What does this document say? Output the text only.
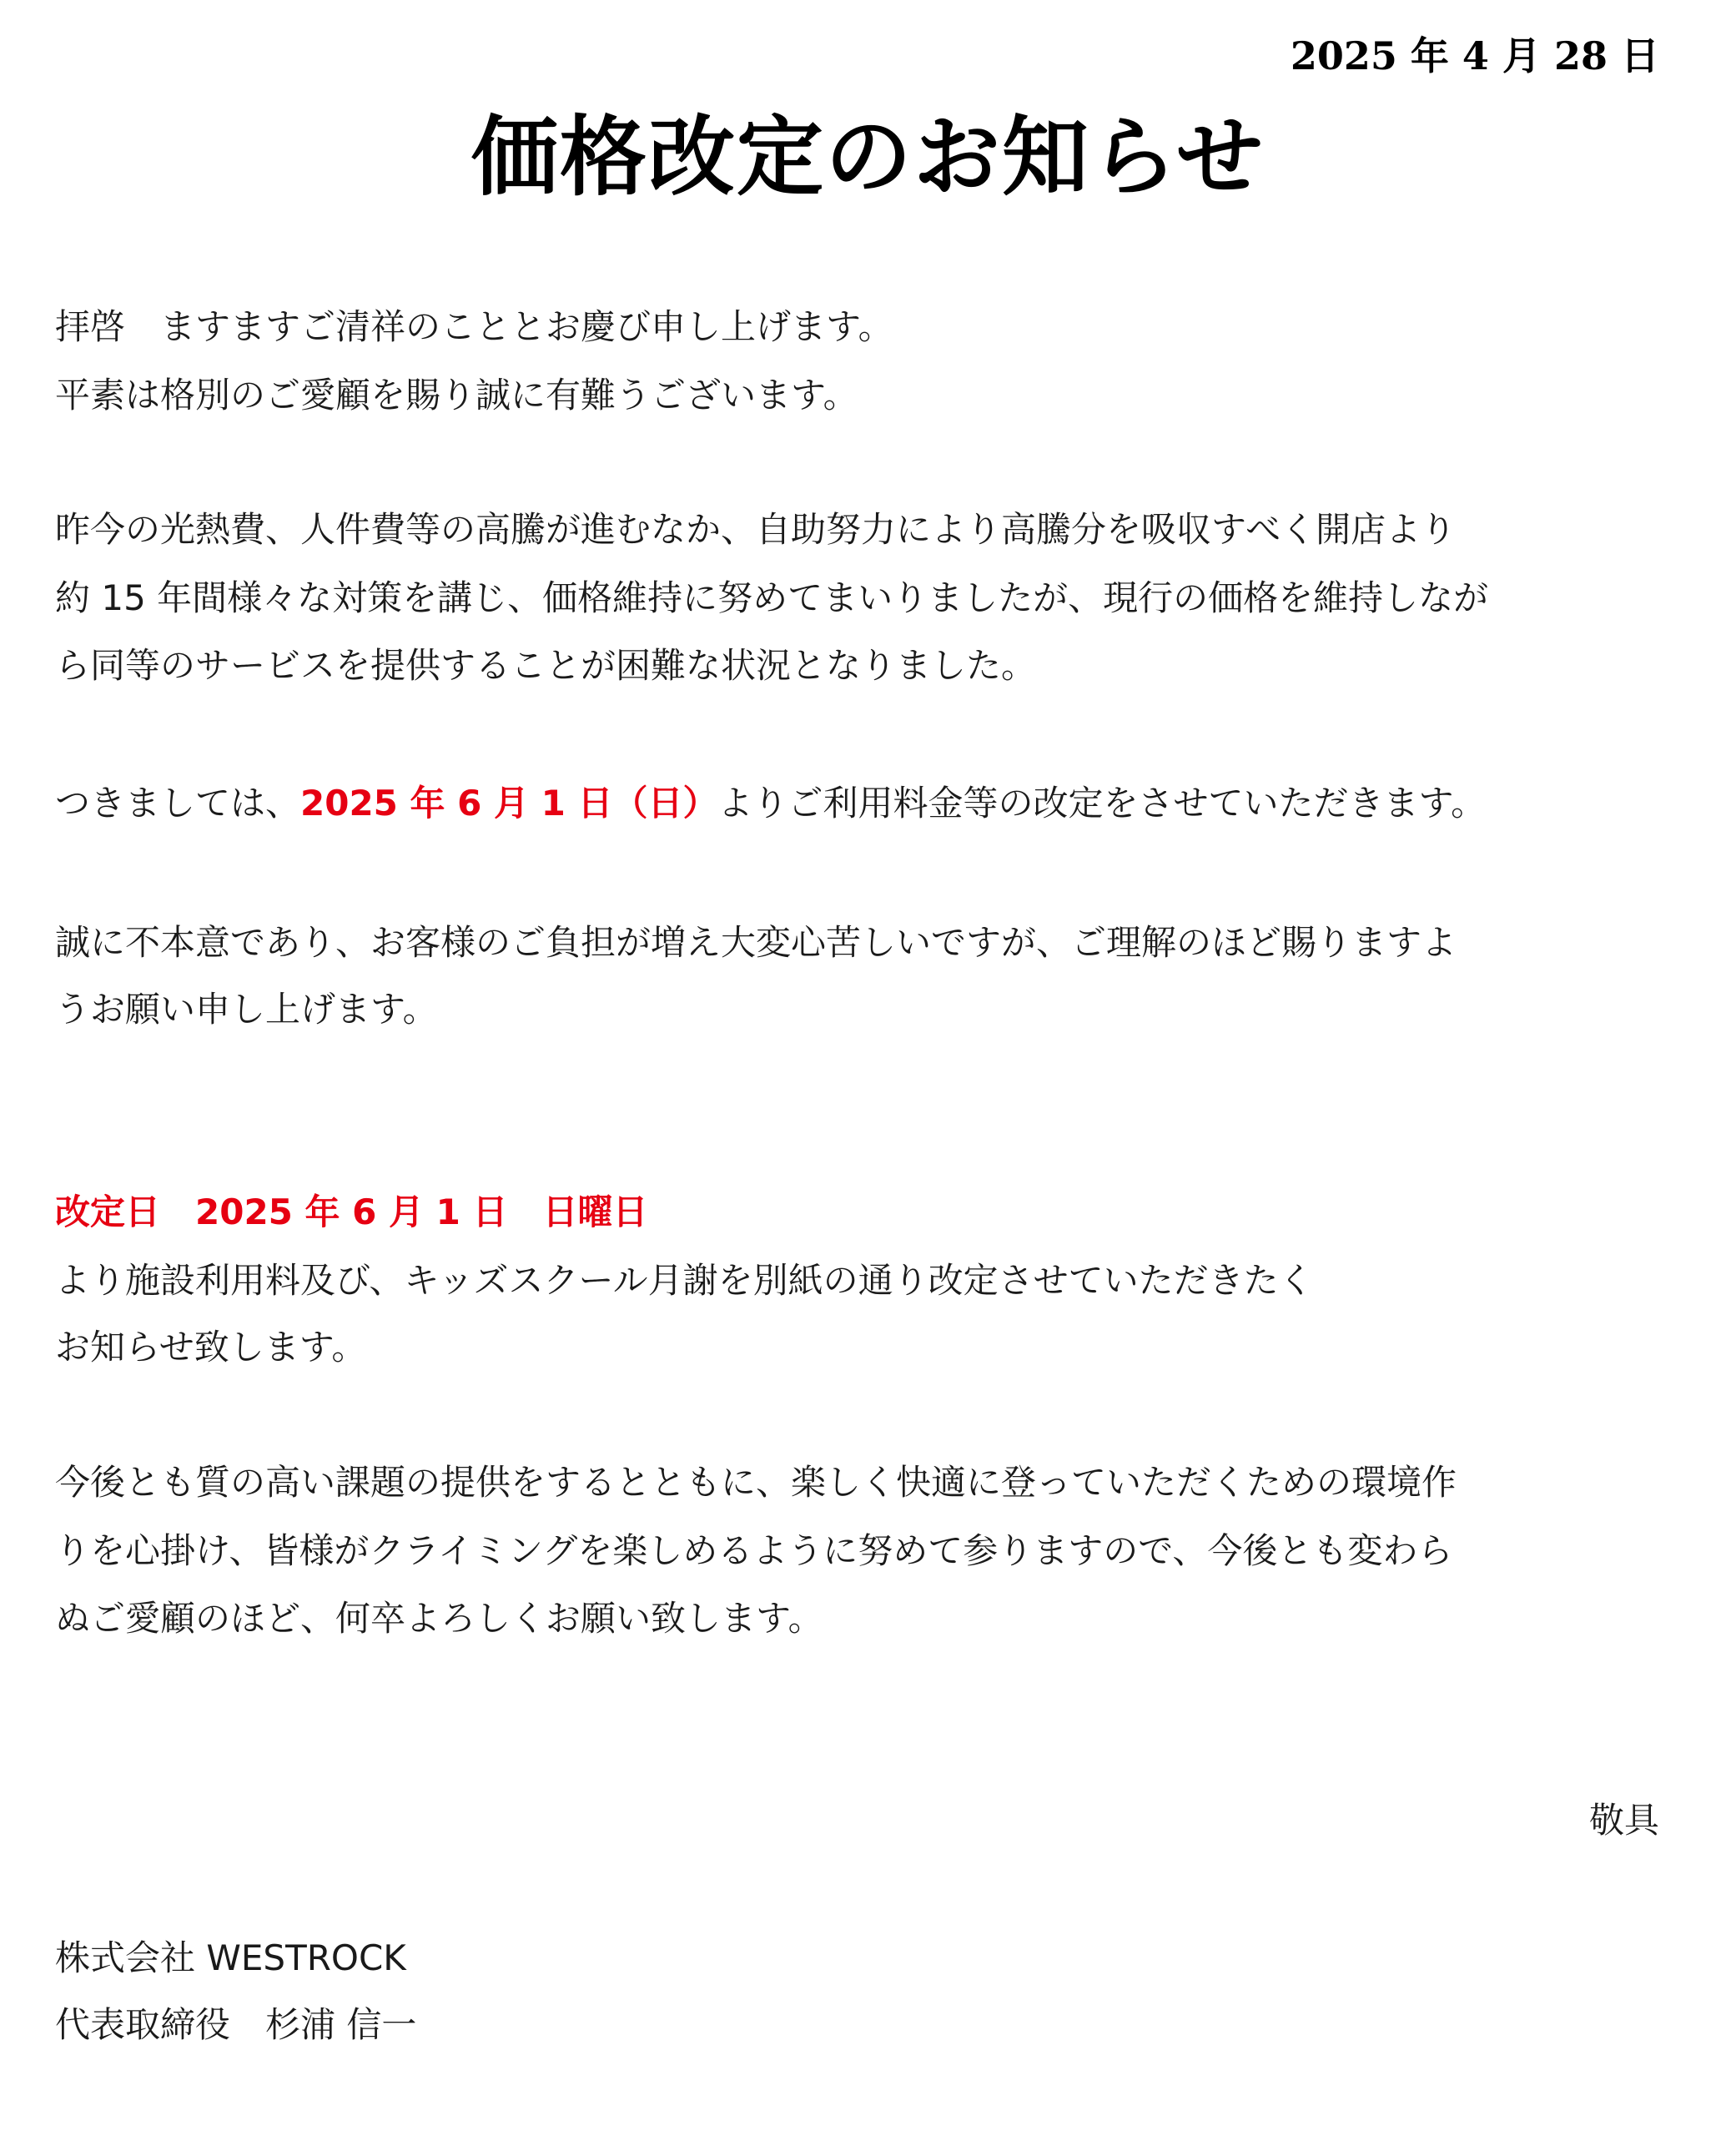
2025 年 4 月 28 日
価格改定のお知らせ
拝啓　ますますご清祥のこととお慶び申し上げます。
平素は格別のご愛顧を賜り誠に有難うございます。
昨今の光熱費、人件費等の高騰が進むなか、自助努力により高騰分を吸収すべく開店より
約 15 年間様々な対策を講じ、価格維持に努めてまいりましたが、現行の価格を維持しなが
ら同等のサービスを提供することが困難な状況となりました。
つきましては、2025 年 6 月 1 日（日）よりご利用料金等の改定をさせていただきます。
誠に不本意であり、お客様のご負担が増え大変心苦しいですが、ご理解のほど賜りますよ
うお願い申し上げます。
改定日　2025 年 6 月 1 日　日曜日
より施設利用料及び、キッズスクール月謝を別紙の通り改定させていただきたく
お知らせ致します。
今後とも質の高い課題の提供をするとともに、楽しく快適に登っていただくための環境作
りを心掛け、皆様がクライミングを楽しめるように努めて参りますので、今後とも変わら
ぬご愛顧のほど、何卒よろしくお願い致します。
敬具
株式会社 WESTROCK
代表取締役　杉浦 信一
